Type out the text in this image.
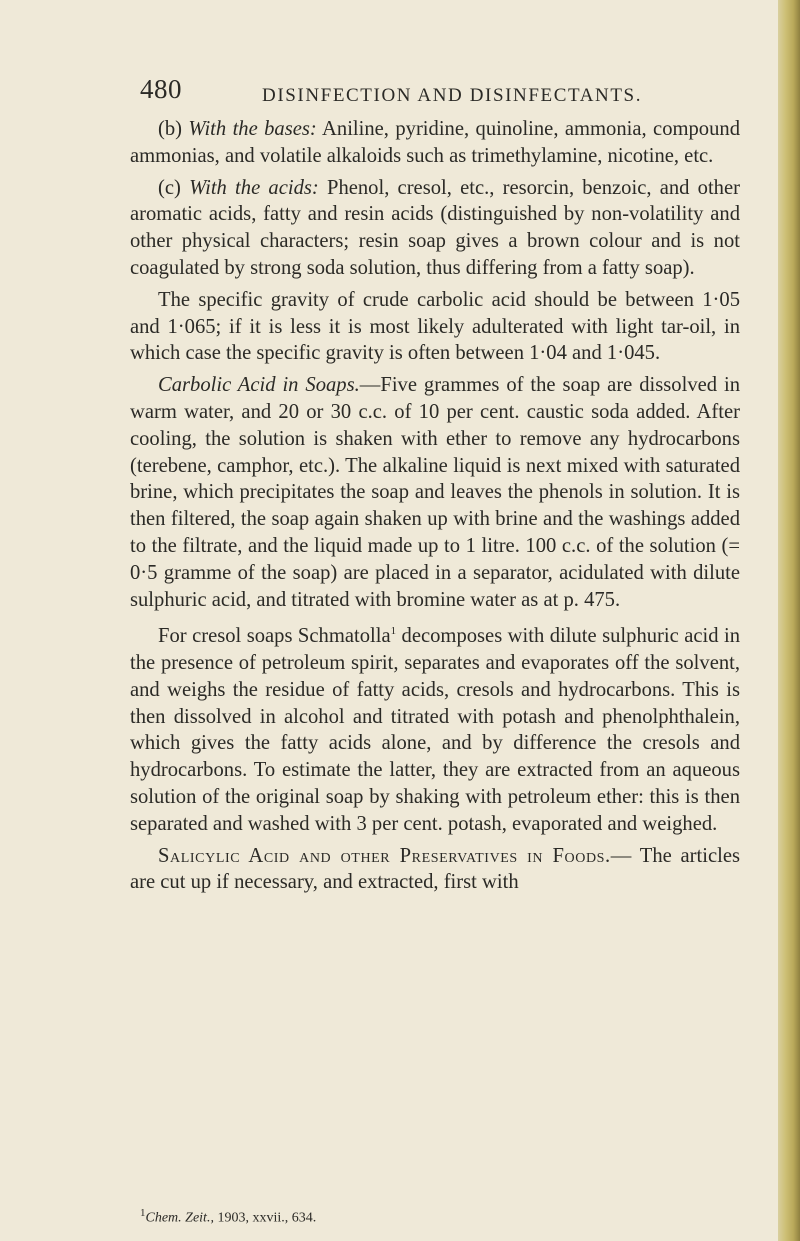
480	DISINFECTION AND DISINFECTANTS.

(b) With the bases: Aniline, pyridine, quinoline, ammonia, compound ammonias, and volatile alkaloids such as trimethylamine, nicotine, etc.

(c) With the acids: Phenol, cresol, etc., resorcin, benzoic, and other aromatic acids, fatty and resin acids (distinguished by non-volatility and other physical characters; resin soap gives a brown colour and is not coagulated by strong soda solution, thus differing from a fatty soap).

The specific gravity of crude carbolic acid should be between 1·05 and 1·065; if it is less it is most likely adulterated with light tar-oil, in which case the specific gravity is often between 1·04 and 1·045.

Carbolic Acid in Soaps.—Five grammes of the soap are dissolved in warm water, and 20 or 30 c.c. of 10 per cent. caustic soda added. After cooling, the solution is shaken with ether to remove any hydrocarbons (terebene, camphor, etc.). The alkaline liquid is next mixed with saturated brine, which precipitates the soap and leaves the phenols in solution. It is then filtered, the soap again shaken up with brine and the washings added to the filtrate, and the liquid made up to 1 litre. 100 c.c. of the solution (= 0·5 gramme of the soap) are placed in a separator, acidulated with dilute sulphuric acid, and titrated with bromine water as at p. 475.

For cresol soaps Schmatolla$^1$ decomposes with dilute sulphuric acid in the presence of petroleum spirit, separates and evaporates off the solvent, and weighs the residue of fatty acids, cresols and hydrocarbons. This is then dissolved in alcohol and titrated with potash and phenolphthalein, which gives the fatty acids alone, and by difference the cresols and hydrocarbons. To estimate the latter, they are extracted from an aqueous solution of the original soap by shaking with petroleum ether: this is then separated and washed with 3 per cent. potash, evaporated and weighed.

Salicylic Acid and other Preservatives in Foods.— The articles are cut up if necessary, and extracted, first with

$^1$Chem. Zeit., 1903, xxvii., 634.
